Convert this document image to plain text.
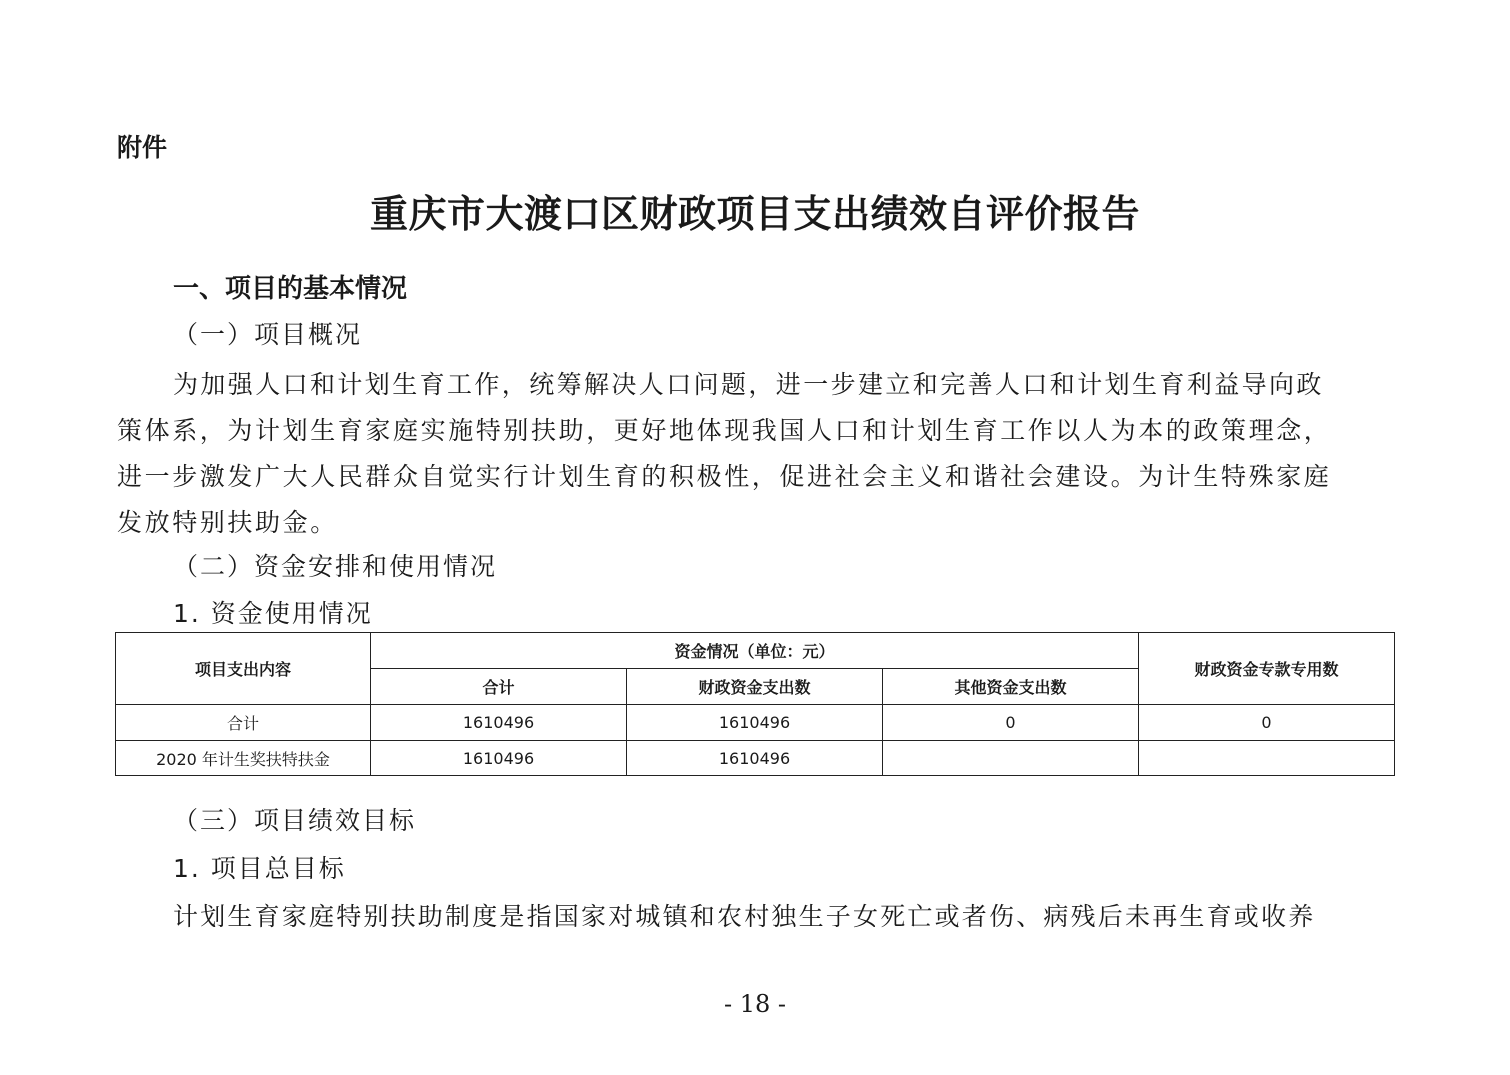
附件

重庆市大渡口区财政项目支出绩效自评价报告

一、项目的基本情况

（一）项目概况

为加强人口和计划生育工作，统筹解决人口问题，进一步建立和完善人口和计划生育利益导向政

策体系，为计划生育家庭实施特别扶助，更好地体现我国人口和计划生育工作以人为本的政策理念，

进一步激发广大人民群众自觉实行计划生育的积极性，促进社会主义和谐社会建设。为计生特殊家庭

发放特别扶助金。

（二）资金安排和使用情况

1. 资金使用情况

项目支出内容	资金情况（单位：元）			财政资金专款专用数
	合计	财政资金支出数	其他资金支出数	
合计	1610496	1610496	0	0
2020 年计生奖扶特扶金	1610496	1610496		

（三）项目绩效目标

1. 项目总目标

计划生育家庭特别扶助制度是指国家对城镇和农村独生子女死亡或者伤、病残后未再生育或收养

- 18 -
